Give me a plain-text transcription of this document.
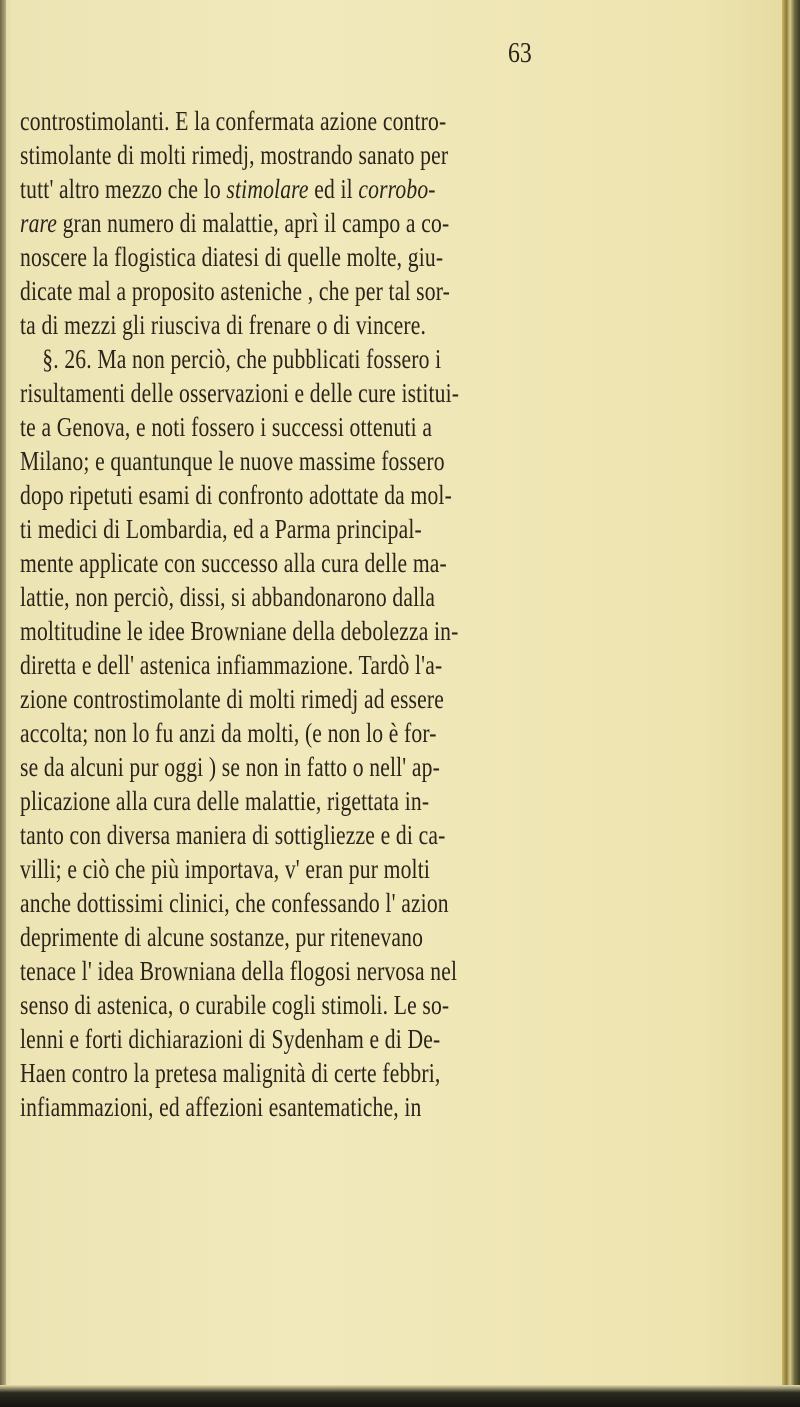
63
controstimolanti. E la confermata azione contro-
stimolante di molti rimedj, mostrando sanato per
tutt' altro mezzo che lo stimolare ed il corrobo-
rare gran numero di malattie, aprì il campo a co-
noscere la flogistica diatesi di quelle molte, giu-
dicate mal a proposito asteniche , che per tal sor-
ta di mezzi gli riusciva di frenare o di vincere.
§. 26. Ma non perciò, che pubblicati fossero i
risultamenti delle osservazioni e delle cure istitui-
te a Genova, e noti fossero i successi ottenuti a
Milano; e quantunque le nuove massime fossero
dopo ripetuti esami di confronto adottate da mol-
ti medici di Lombardia, ed a Parma principal-
mente applicate con successo alla cura delle ma-
lattie, non perciò, dissi, si abbandonarono dalla
moltitudine le idee Browniane della debolezza in-
diretta e dell' astenica infiammazione. Tardò l'a-
zione controstimolante di molti rimedj ad essere
accolta; non lo fu anzi da molti, (e non lo è for-
se da alcuni pur oggi ) se non in fatto o nell' ap-
plicazione alla cura delle malattie, rigettata in-
tanto con diversa maniera di sottigliezze e di ca-
villi; e ciò che più importava, v' eran pur molti
anche dottissimi clinici, che confessando l' azion
deprimente di alcune sostanze, pur ritenevano
tenace l' idea Browniana della flogosi nervosa nel
senso di astenica, o curabile cogli stimoli. Le so-
lenni e forti dichiarazioni di Sydenham e di De-
Haen contro la pretesa malignità di certe febbri,
infiammazioni, ed affezioni esantematiche, in
